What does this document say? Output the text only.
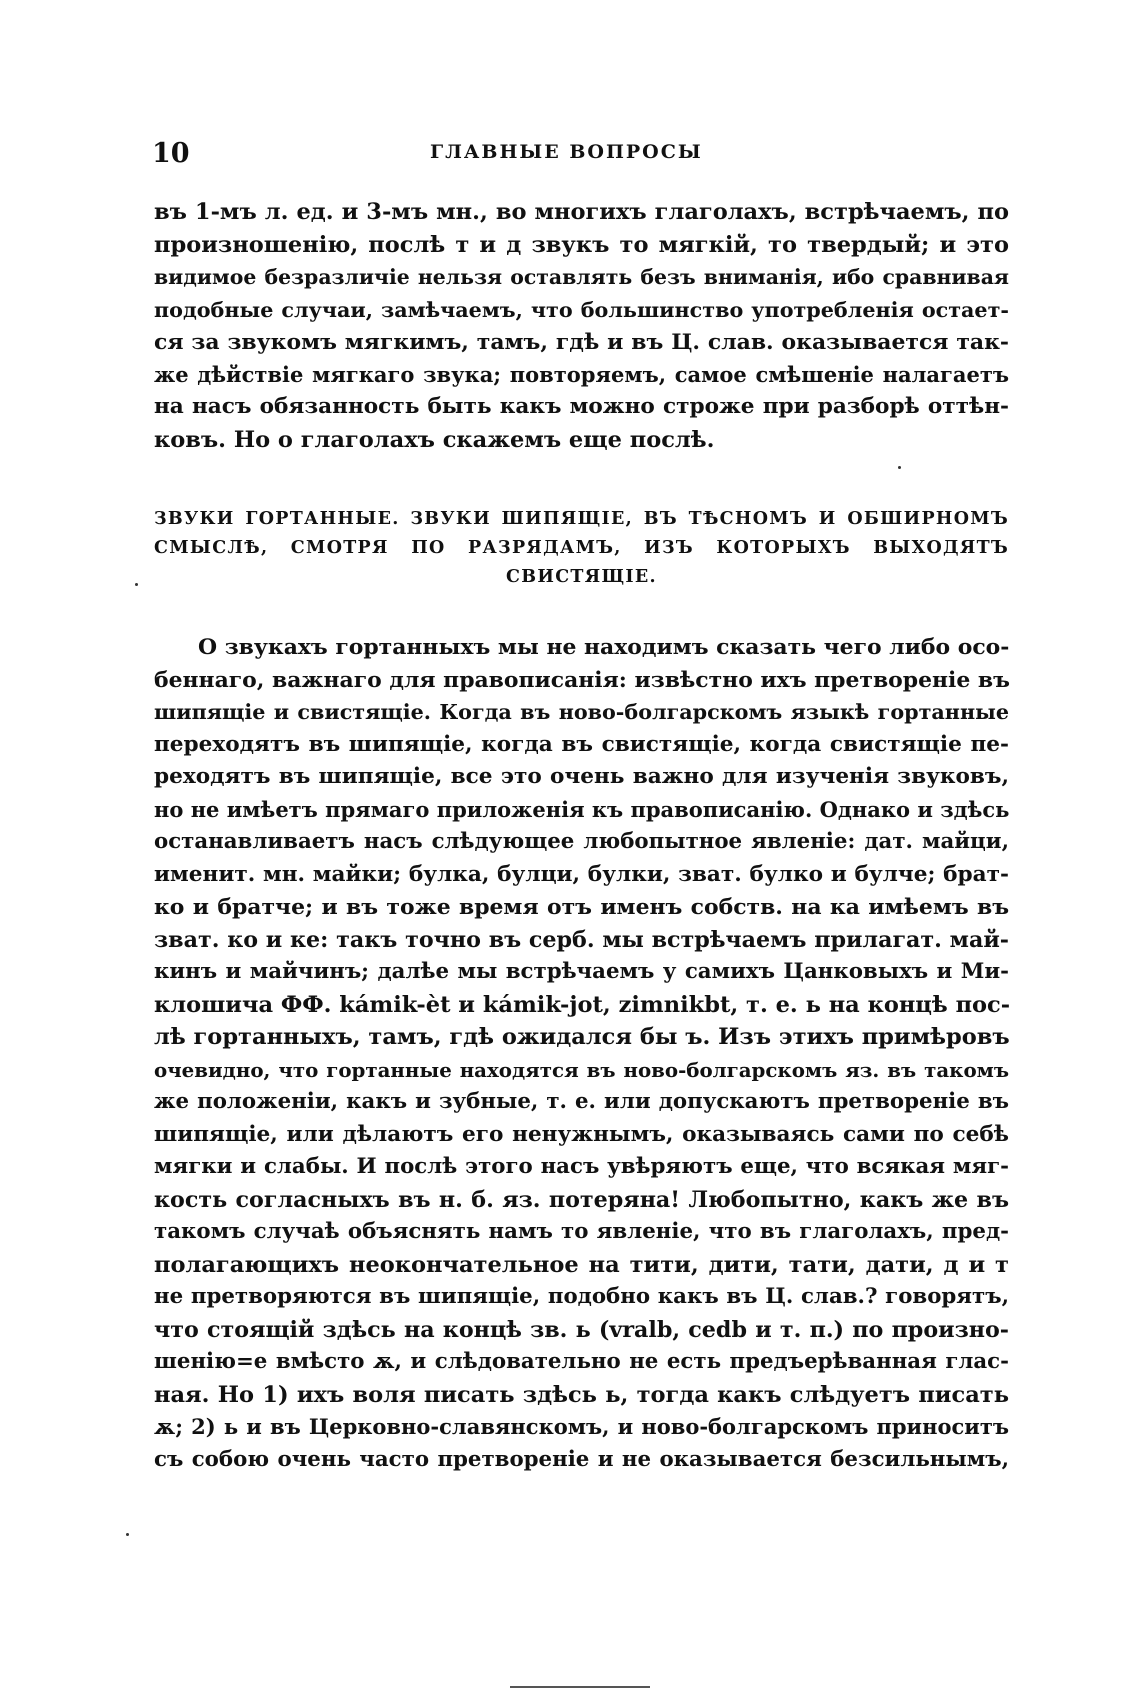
10	ГЛАВНЫЕ ВОПРОСЫ
въ 1-мъ л. ед. и 3-мъ мн., во многихъ глаголахъ, встрѣчаемъ, по
произношенію, послѣ т и д звукъ то мягкій, то твердый; и это
видимое безразличіе нельзя оставлять безъ вниманія, ибо сравнивая
подобные случаи, замѣчаемъ, что большинство употребленія остает-
ся за звукомъ мягкимъ, тамъ, гдѣ и въ Ц. слав. оказывается так-
же дѣйствіе мягкаго звука; повторяемъ, самое смѣшеніе налагаетъ
на насъ обязанность быть какъ можно строже при разборѣ оттѣн-
ковъ. Но о глаголахъ скажемъ еще послѣ.
ЗВУКИ ГОРТАННЫЕ. ЗВУКИ ШИПЯЩІЕ, ВЪ ТѢСНОМЪ И ОБШИРНОМЪ
СМЫСЛѢ, СМОТРЯ ПО РАЗРЯДАМЪ, ИЗЪ КОТОРЫХЪ ВЫХОДЯТЪ
СВИСТЯЩІЕ.
О звукахъ гортанныхъ мы не находимъ сказать чего либо осо-
беннаго, важнаго для правописанія: извѣстно ихъ претвореніе въ
шипящіе и свистящіе. Когда въ ново-болгарскомъ языкѣ гортанные
переходятъ въ шипящіе, когда въ свистящіе, когда свистящіе пе-
реходятъ въ шипящіе, все это очень важно для изученія звуковъ,
но не имѣетъ прямаго приложенія къ правописанію. Однако и здѣсь
останавливаетъ насъ слѣдующее любопытное явленіе: дат. майци,
именит. мн. майки; булка, булци, булки, зват. булко и булче; брат-
ко и братче; и въ тоже время отъ именъ собств. на ка имѣемъ въ
зват. ко и ке: такъ точно въ серб. мы встрѣчаемъ прилагат. май-
кинъ и майчинъ; далѣе мы встрѣчаемъ у самихъ Цанковыхъ и Ми-
клошича ФФ. kámik-èt и kámik-jot, zimnikbt, т. е. ь на концѣ пос-
лѣ гортанныхъ, тамъ, гдѣ ожидался бы ъ. Изъ этихъ примѣровъ
очевидно, что гортанные находятся въ ново-болгарскомъ яз. въ такомъ
же положеніи, какъ и зубные, т. е. или допускаютъ претвореніе въ
шипящіе, или дѣлаютъ его ненужнымъ, оказываясь сами по себѣ
мягки и слабы. И послѣ этого насъ увѣряютъ еще, что всякая мяг-
кость согласныхъ въ н. б. яз. потеряна! Любопытно, какъ же въ
такомъ случаѣ объяснять намъ то явленіе, что въ глаголахъ, пред-
полагающихъ неокончательное на тити, дити, тати, дати, д и т
не претворяются въ шипящіе, подобно какъ въ Ц. слав.? говорятъ,
что стоящій здѣсь на концѣ зв. ь (vralb, cedb и т. п.) по произно-
шенію=е вмѣсто ѫ, и слѣдовательно не есть предъерѣванная глас-
ная. Но 1) ихъ воля писать здѣсь ь, тогда какъ слѣдуетъ писать
ѫ; 2) ь и въ Церковно-славянскомъ, и ново-болгарскомъ приноситъ
съ собою очень часто претвореніе и не оказывается безсильнымъ,
